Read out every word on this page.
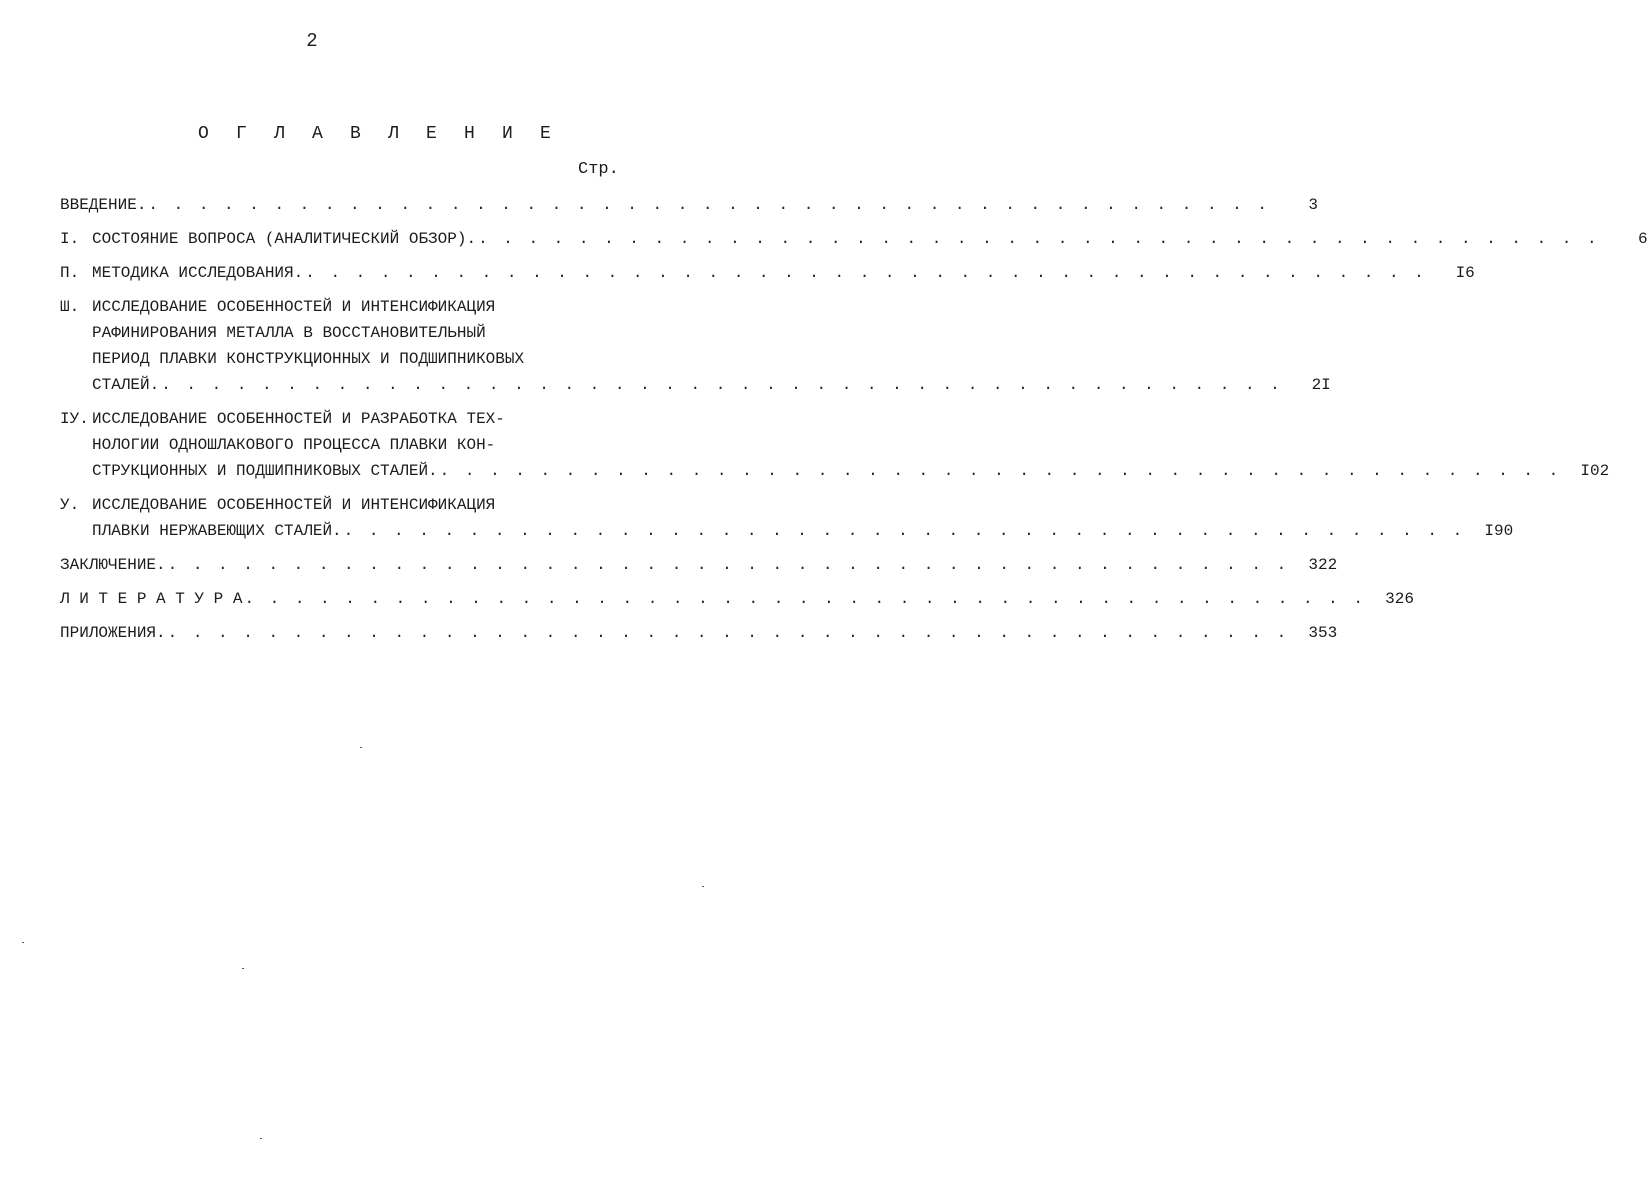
2
О Г Л А В Л Е Н И Е
Стр.
ВВЕДЕНИЕ. . . . . . . . . . . . . . . . . . . . . . . . . . . . . . . . . . . . . . . . . . . . . .	3
I. СОСТОЯНИЕ ВОПРОСА (АНАЛИТИЧЕСКИЙ ОБЗОР). . . . . . . . . . . . . . . . . . . . . . . . . . . . . . . . . . . . . . . . . . . . . .	6
П. МЕТОДИКА ИССЛЕДОВАНИЯ. . . . . . . . . . . . . . . . . . . . . . . . . . . . . . . . . . . . . . . . . . . . . .	I6
Ш. ИССЛЕДОВАНИЕ ОСОБЕННОСТЕЙ И ИНТЕНСИФИКАЦИЯ
РАФИНИРОВАНИЯ МЕТАЛЛА В ВОССТАНОВИТЕЛЬНЫЙ
ПЕРИОД ПЛАВКИ КОНСТРУКЦИОННЫХ И ПОДШИПНИКОВЫХ
СТАЛЕЙ. . . . . . . . . . . . . . . . . . . . . . . . . . . . . . . . . . . . . . . . . . . . . .	2I
IУ. ИССЛЕДОВАНИЕ ОСОБЕННОСТЕЙ И РАЗРАБОТКА ТЕХ-
НОЛОГИИ ОДНОШЛАКОВОГО ПРОЦЕССА ПЛАВКИ КОН-
СТРУКЦИОННЫХ И ПОДШИПНИКОВЫХ СТАЛЕЙ. . . . . . . . . . . . . . . . . . . . . . . . . . . . . . . . . . . . . . . . . . . . . .	I02
У. ИССЛЕДОВАНИЕ ОСОБЕННОСТЕЙ И ИНТЕНСИФИКАЦИЯ
ПЛАВКИ НЕРЖАВЕЮЩИХ СТАЛЕЙ. . . . . . . . . . . . . . . . . . . . . . . . . . . . . . . . . . . . . . . . . . . . . .	I90
ЗАКЛЮЧЕНИЕ. . . . . . . . . . . . . . . . . . . . . . . . . . . . . . . . . . . . . . . . . . . . . .	322
Л И Т Е Р А Т У Р А . . . . . . . . . . . . . . . . . . . . . . . . . . . . . . . . . . . . . . . . . . . . .	326
ПРИЛОЖЕНИЯ. . . . . . . . . . . . . . . . . . . . . . . . . . . . . . . . . . . . . . . . . . . . . .	353
